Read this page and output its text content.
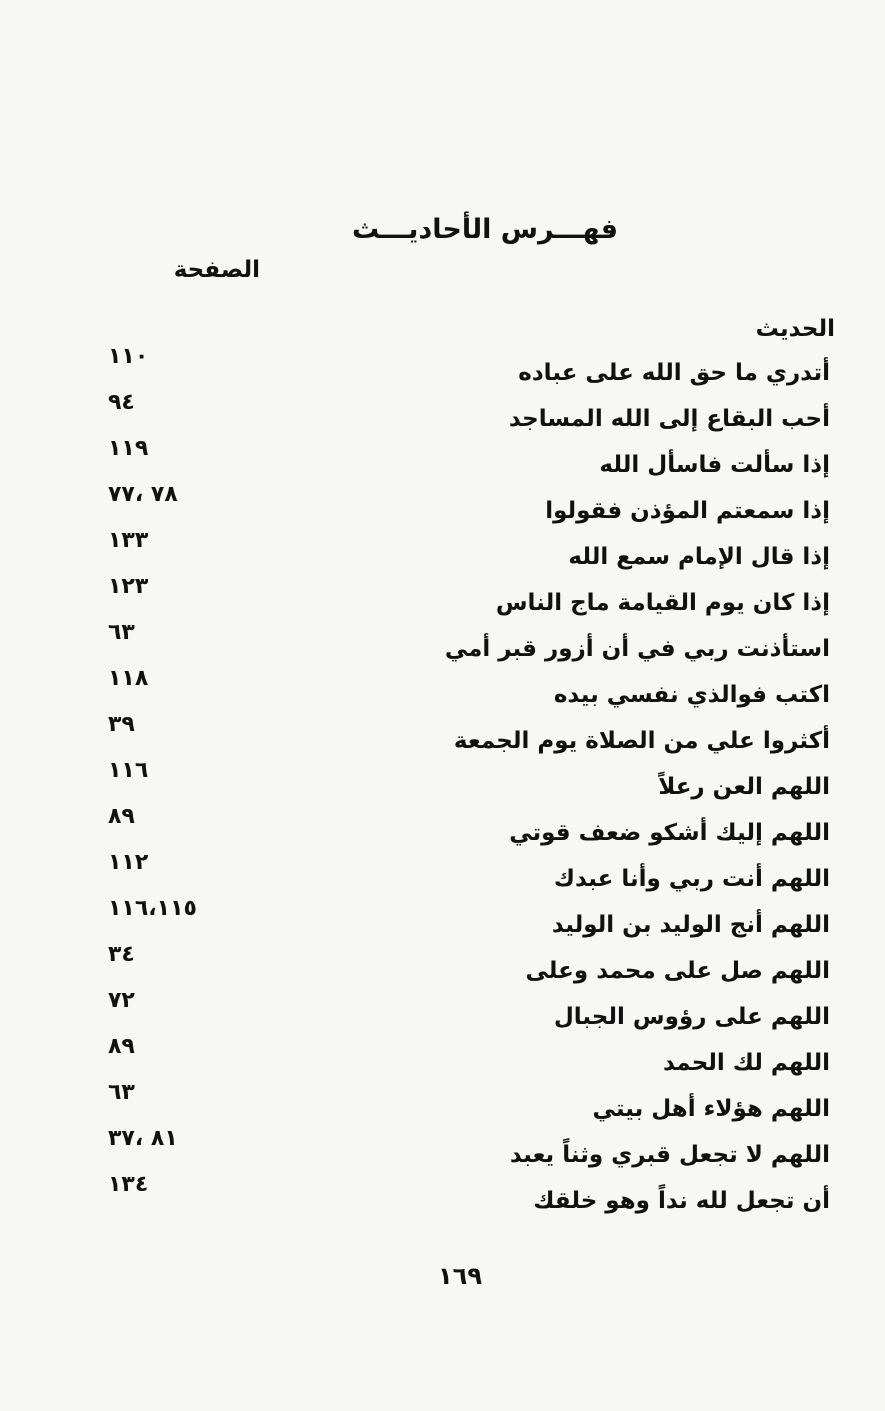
فهـــرس الأحاديـــث
الصفحة
الحديث
أتدري ما حق الله على عباده
١١٠
أحب البقاع إلى الله المساجد
٩٤
إذا سألت فاسأل الله
١١٩
إذا سمعتم المؤذن فقولوا
٧٨ ،٧٧
إذا قال الإمام سمع الله
١٣٣
إذا كان يوم القيامة ماج الناس
١٢٣
استأذنت ربي في أن أزور قبر أمي
٦٣
اكتب فوالذي نفسي بيده
١١٨
أكثروا علي من الصلاة يوم الجمعة
٣٩
اللهم العن رعلاً
١١٦
اللهم إليك أشكو ضعف قوتي
٨٩
اللهم أنت ربي وأنا عبدك
١١٢
اللهم أنج الوليد بن الوليد
١١٦،١١٥
اللهم صل على محمد وعلى
٣٤
اللهم على رؤوس الجبال
٧٢
اللهم لك الحمد
٨٩
اللهم هؤلاء أهل بيتي
٦٣
اللهم لا تجعل قبري وثناً يعبد
٨١ ،٣٧
أن تجعل لله نداً وهو خلقك
١٣٤
١٦٩
